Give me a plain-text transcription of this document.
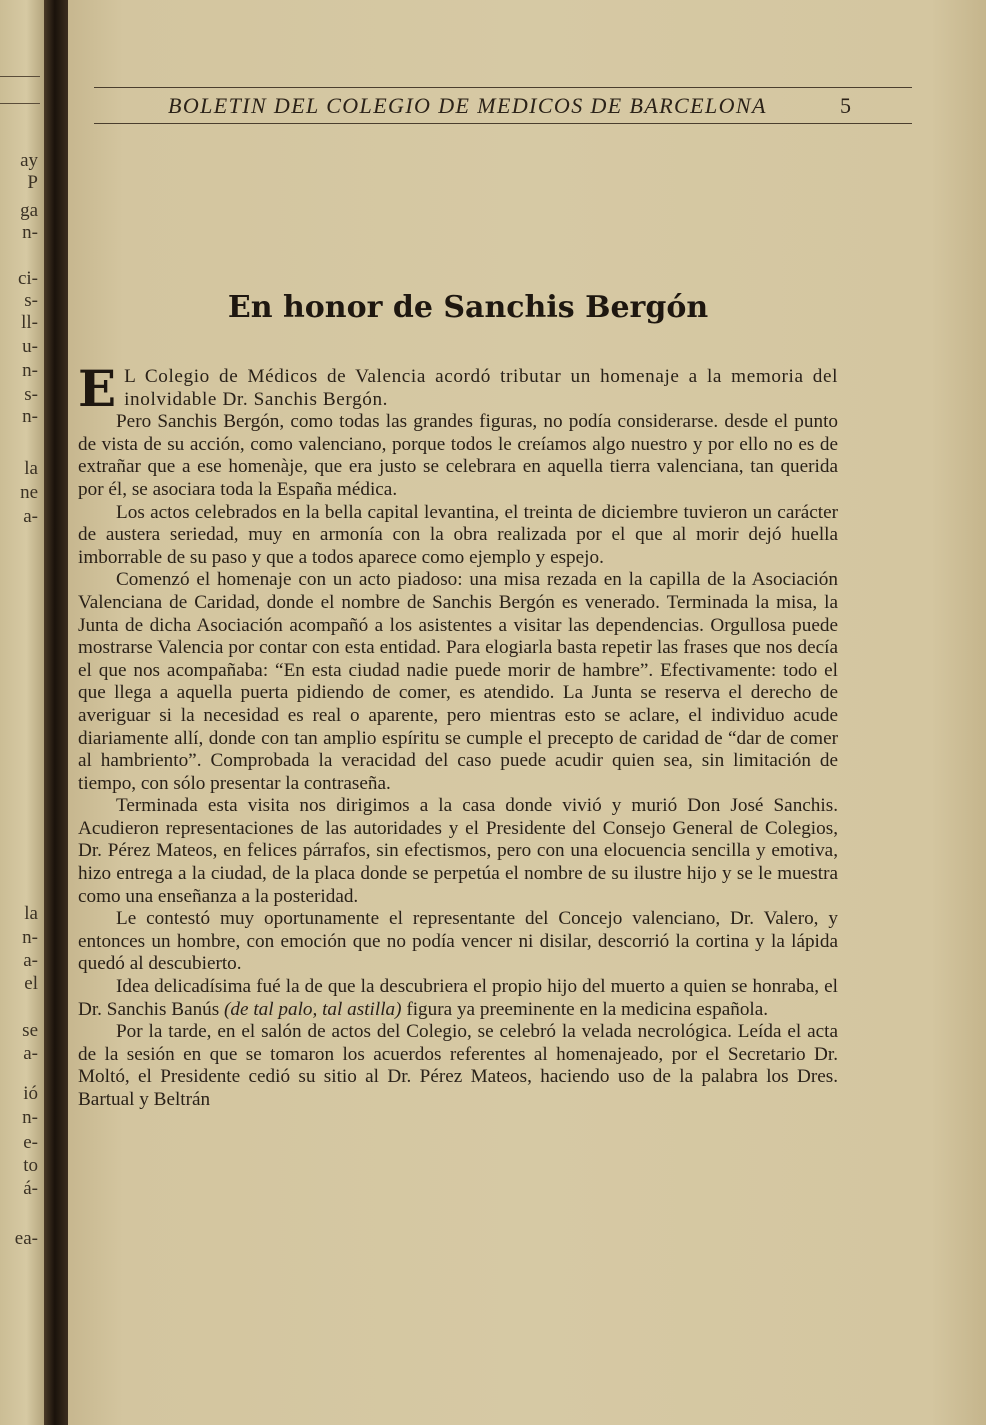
ay
P
ga
n-
ci-
s-
ll-
u-
n-
s-
n-
la
ne
a-
la
n-
a-
el
se
a-
ió
n-
e-
to
á-
ea-
BOLETIN DEL COLEGIO DE MEDICOS DE BARCELONA	5
En honor de Sanchis Bergón

E L Colegio de Médicos de Valencia acordó tributar un homenaje a la memoria del inolvidable Dr. Sanchis Bergón.

Pero Sanchis Bergón, como todas las grandes figuras, no podía considerarse. desde el punto de vista de su acción, como valenciano, porque todos le creíamos algo nuestro y por ello no es de extrañar que a ese homenàje, que era justo se celebrara en aquella tierra valenciana, tan querida por él, se asociara toda la España médica.

Los actos celebrados en la bella capital levantina, el treinta de diciembre tuvieron un carácter de austera seriedad, muy en armonía con la obra realizada por el que al morir dejó huella imborrable de su paso y que a todos aparece como ejemplo y espejo.

Comenzó el homenaje con un acto piadoso: una misa rezada en la capilla de la Asociación Valenciana de Caridad, donde el nombre de Sanchis Bergón es venerado. Terminada la misa, la Junta de dicha Asociación acompañó a los asistentes a visitar las dependencias. Orgullosa puede mostrarse Valencia por contar con esta entidad. Para elogiarla basta repetir las frases que nos decía el que nos acompañaba: “En esta ciudad nadie puede morir de hambre”. Efectivamente: todo el que llega a aquella puerta pidiendo de comer, es atendido. La Junta se reserva el derecho de averiguar si la necesidad es real o aparente, pero mientras esto se aclare, el individuo acude diariamente allí, donde con tan amplio espíritu se cumple el precepto de caridad de “dar de comer al hambriento”. Comprobada la veracidad del caso puede acudir quien sea, sin limitación de tiempo, con sólo presentar la contraseña.

Terminada esta visita nos dirigimos a la casa donde vivió y murió Don José Sanchis. Acudieron representaciones de las autoridades y el Presidente del Consejo General de Colegios, Dr. Pérez Mateos, en felices párrafos, sin efectismos, pero con una elocuencia sencilla y emotiva, hizo entrega a la ciudad, de la placa donde se perpetúa el nombre de su ilustre hijo y se le muestra como una enseñanza a la posteridad.

Le contestó muy oportunamente el representante del Concejo valenciano, Dr. Valero, y entonces un hombre, con emoción que no podía vencer ni disilar, descorrió la cortina y la lápida quedó al descubierto.

Idea delicadísima fué la de que la descubriera el propio hijo del muerto a quien se honraba, el Dr. Sanchis Banús (de tal palo, tal astilla) figura ya preeminente en la medicina española.

Por la tarde, en el salón de actos del Colegio, se celebró la velada necrológica. Leída el acta de la sesión en que se tomaron los acuerdos referentes al homenajeado, por el Secretario Dr. Moltó, el Presidente cedió su sitio al Dr. Pérez Mateos, haciendo uso de la palabra los Dres. Bartual y Beltrán
